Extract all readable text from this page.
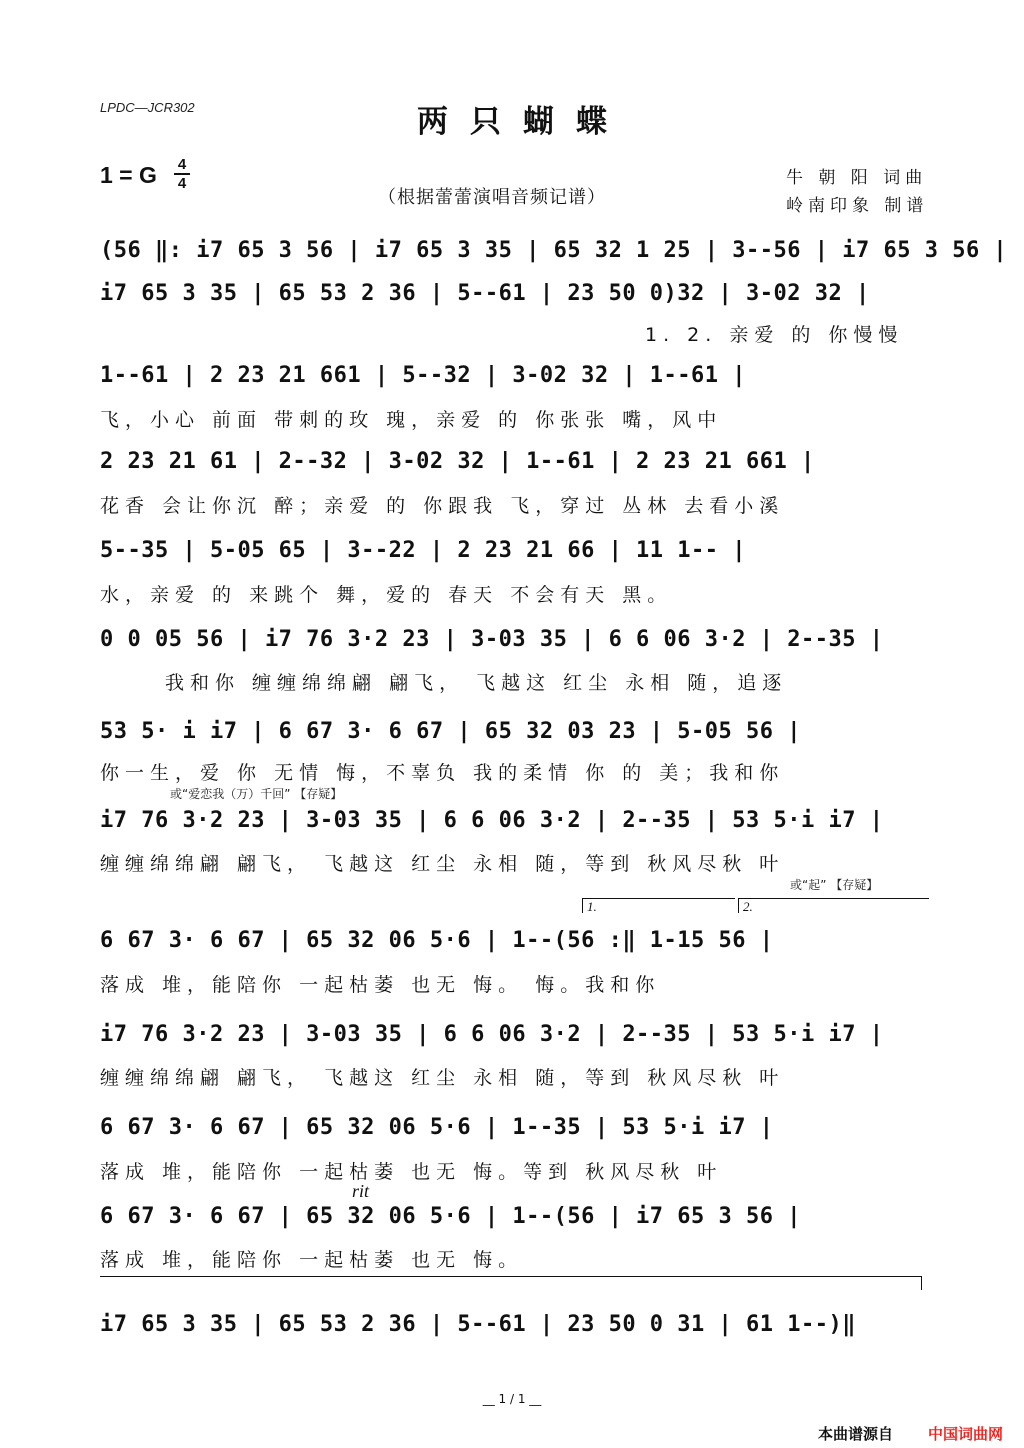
LPDC—JCR302	两只蝴蝶
1 = G 4
4
（根据蕾蕾演唱音频记谱）
牛 朝 阳 词曲
岭南印象 制谱
(56 ‖: i7 65 3 56 | i7 65 3 35 | 65 32 1 25 | 3--56 | i7 65 3 56 |
i7 65 3 35 | 65 53 2 36 | 5--61 | 23 50 0)32 | 3-02 32 |
1. 2. 亲爱 的 你慢慢
1--61 | 2 23 21 661 | 5--32 | 3-02 32 | 1--61 |
飞，小心 前面 带刺的玫 瑰，亲爱 的 你张张 嘴，风中
2 23 21 61 | 2--32 | 3-02 32 | 1--61 | 2 23 21 661 |
花香 会让你沉 醉；亲爱 的 你跟我 飞，穿过 丛林 去看小溪
5--35 | 5-05 65 | 3--22 | 2 23 21 66 | 11 1-- |
水，亲爱 的 来跳个 舞，爱的 春天 不会有天 黑。
0 0 05 56 | i7 76 3·2 23 | 3-03 35 | 6 6 06 3·2 | 2--35 |
我和你 缠缠绵绵翩 翩飞， 飞越这 红尘 永相 随，追逐
53 5· i i7 | 6 67 3· 6 67 | 65 32 03 23 | 5-05 56 |
你一生，爱 你 无情 悔，不辜负 我的柔情 你 的 美；我和你
或“爱恋我（万）千回” 【存疑】
i7 76 3·2 23 | 3-03 35 | 6 6 06 3·2 | 2--35 | 53 5·i i7 |
缠缠绵绵翩 翩飞， 飞越这 红尘 永相 随，等到 秋风尽秋 叶
或“起” 【存疑】
1.	2.
6 67 3· 6 67 | 65 32 06 5·6 | 1--(56 :‖ 1-15 56 |
落成 堆，能陪你 一起枯萎 也无 悔。 悔。我和你
i7 76 3·2 23 | 3-03 35 | 6 6 06 3·2 | 2--35 | 53 5·i i7 |
缠缠绵绵翩 翩飞， 飞越这 红尘 永相 随，等到 秋风尽秋 叶
6 67 3· 6 67 | 65 32 06 5·6 | 1--35 | 53 5·i i7 |
落成 堆，能陪你 一起枯萎 也无 悔。等到 秋风尽秋 叶
rit
6 67 3· 6 67 | 65 32 06 5·6 | 1--(56 | i7 65 3 56 |
落成 堆，能陪你 一起枯萎 也无 悔。
i7 65 3 35 | 65 53 2 36 | 5--61 | 23 50 0 31 | 61 1--)‖
__ 1 / 1 __
本曲谱源自 中国词曲网
